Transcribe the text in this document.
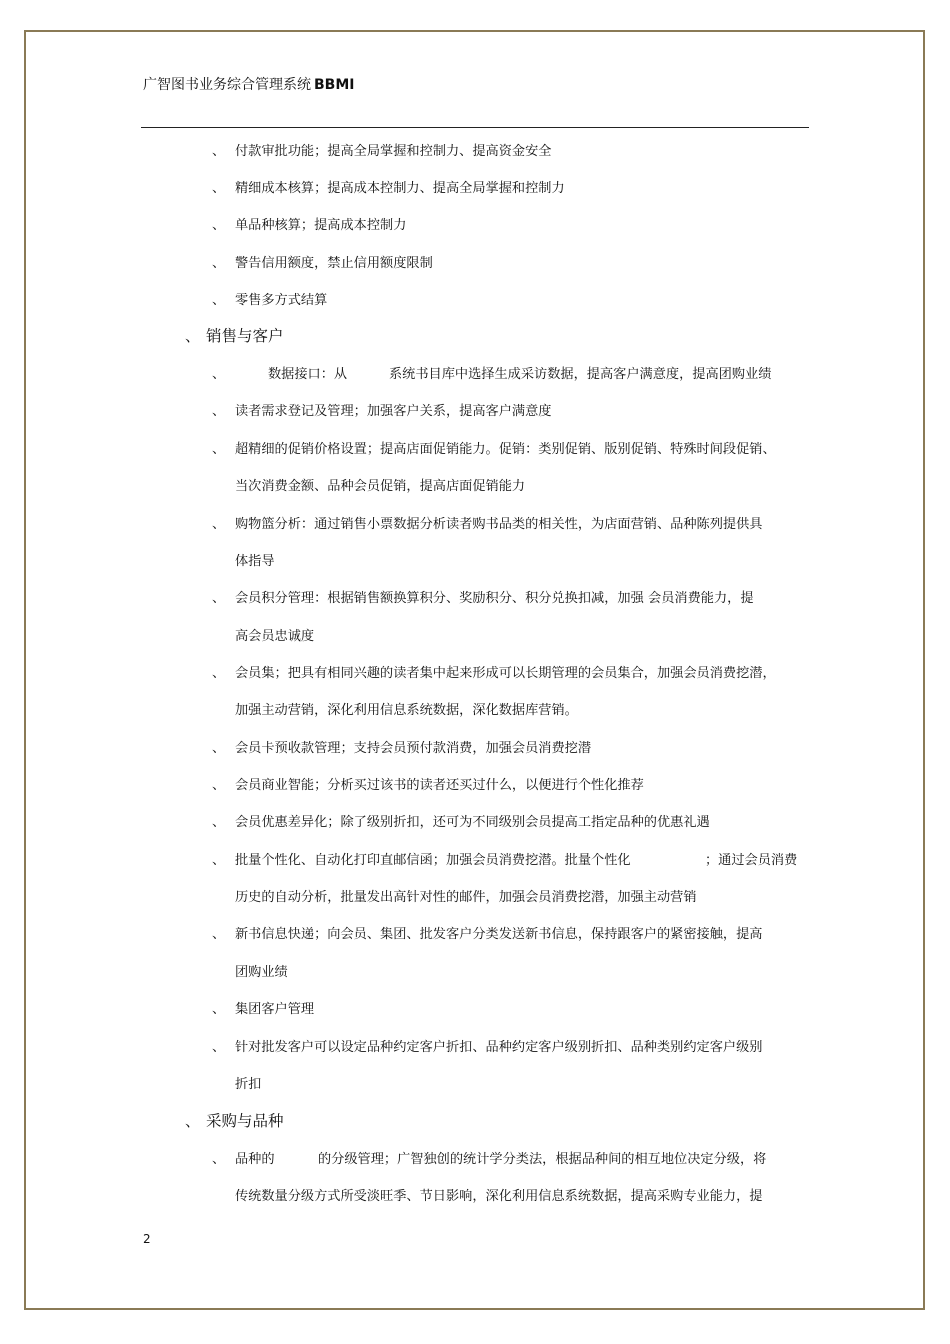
广智图书业务综合管理系统 BBMI
、 付款审批功能；提高全局掌握和控制力、提高资金安全
、 精细成本核算；提高成本控制力、提高全局掌握和控制力
、 单品种核算；提高成本控制力
、 警告信用额度，禁止信用额度限制
、 零售多方式结算
、 销售与客户
、	数据接口：从	系统书目库中选择生成采访数据，提高客户满意度，提高团购业绩
、 读者需求登记及管理；加强客户关系，提高客户满意度
、 超精细的促销价格设置；提高店面促销能力。促销：类别促销、版别促销、特殊时间段促销、
当次消费金额、品种会员促销，提高店面促销能力
、 购物篮分析：通过销售小票数据分析读者购书品类的相关性，为店面营销、品种陈列提供具
体指导
、 会员积分管理：根据销售额换算积分、奖励积分、积分兑换扣减，加强 会员消费能力，提
高会员忠诚度
、 会员集；把具有相同兴趣的读者集中起来形成可以长期管理的会员集合，加强会员消费挖潜，
加强主动营销，深化利用信息系统数据，深化数据库营销。
、 会员卡预收款管理；支持会员预付款消费，加强会员消费挖潜
、 会员商业智能；分析买过该书的读者还买过什么，以便进行个性化推荐
、 会员优惠差异化；除了级别折扣，还可为不同级别会员提高工指定品种的优惠礼遇
、 批量个性化、自动化打印直邮信函；加强会员消费挖潜。批量个性化	；通过会员消费
历史的自动分析，批量发出高针对性的邮件，加强会员消费挖潜，加强主动营销
、 新书信息快递；向会员、集团、批发客户分类发送新书信息，保持跟客户的紧密接触，提高
团购业绩
、 集团客户管理
、 针对批发客户可以设定品种约定客户折扣、品种约定客户级别折扣、品种类别约定客户级别
折扣
、 采购与品种
、 品种的	的分级管理；广智独创的统计学分类法，根据品种间的相互地位决定分级，将
传统数量分级方式所受淡旺季、节日影响，深化利用信息系统数据，提高采购专业能力，提
2
